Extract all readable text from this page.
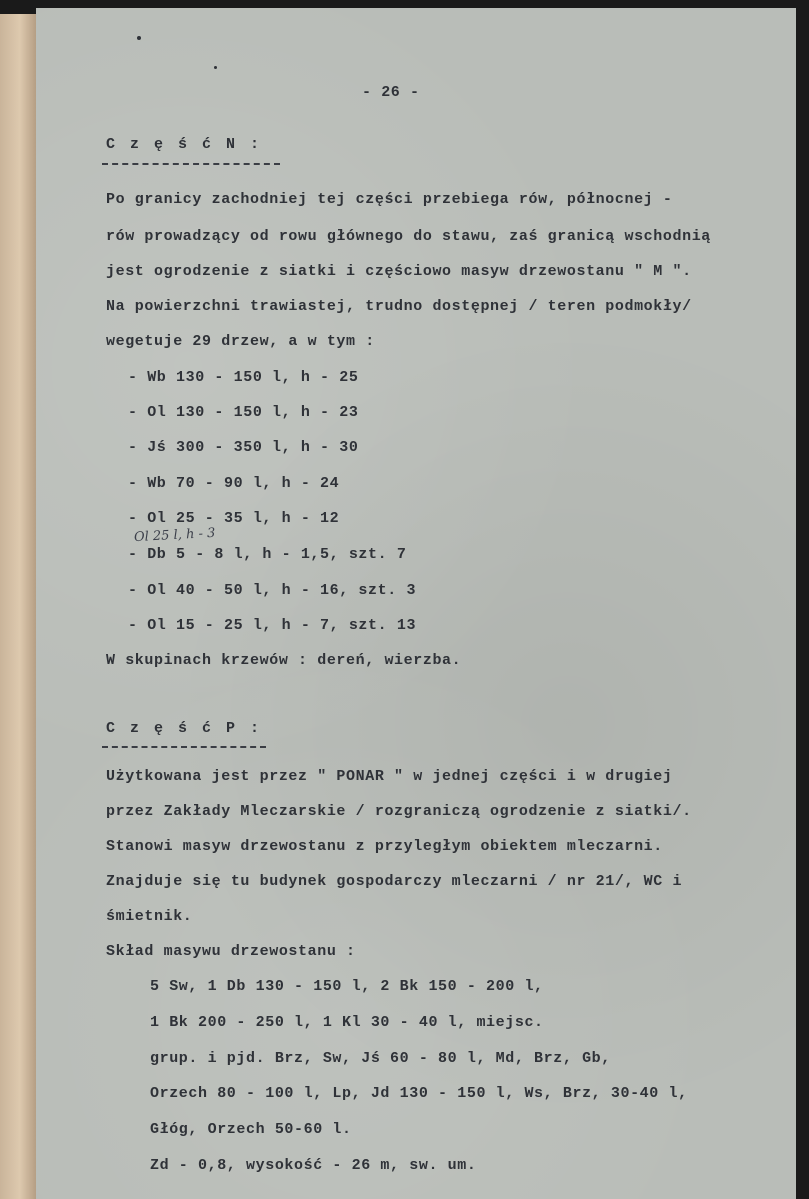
- 26 -
C z ę ś ć N :
Po granicy zachodniej tej części przebiega rów, północnej -
rów prowadzący od rowu głównego do stawu, zaś granicą wschodnią
jest ogrodzenie z siatki i częściowo masyw drzewostanu " M ".
Na powierzchni trawiastej, trudno dostępnej / teren podmokły/
wegetuje 29 drzew, a w tym :
- Wb 130 - 150 l, h - 25
- Ol 130 - 150 l, h - 23
- Jś 300 - 350 l, h - 30
- Wb 70 - 90 l, h - 24
- Ol 25 - 35 l, h - 12
Ol 25 l, h - 3
- Db 5 - 8 l, h - 1,5, szt. 7
- Ol 40 - 50 l, h - 16, szt. 3
- Ol 15 - 25 l, h - 7, szt. 13
W skupinach krzewów : dereń, wierzba.
C z ę ś ć P :
Użytkowana jest przez " PONAR " w jednej części i w drugiej
przez Zakłady Mleczarskie / rozgraniczą ogrodzenie z siatki/.
Stanowi masyw drzewostanu z przyległym obiektem mleczarni.
Znajduje się tu budynek gospodarczy mleczarni / nr 21/, WC i
śmietnik.
Skład masywu drzewostanu :
5 Sw, 1 Db 130 - 150 l, 2 Bk 150 - 200 l,
1 Bk 200 - 250 l, 1 Kl 30 - 40 l, miejsc.
grup. i pjd. Brz, Sw, Jś 60 - 80 l, Md, Brz, Gb,
Orzech 80 - 100 l, Lp, Jd 130 - 150 l, Ws, Brz, 30-40 l,
Głóg, Orzech 50-60 l.
Zd - 0,8, wysokość - 26 m, sw. um.
